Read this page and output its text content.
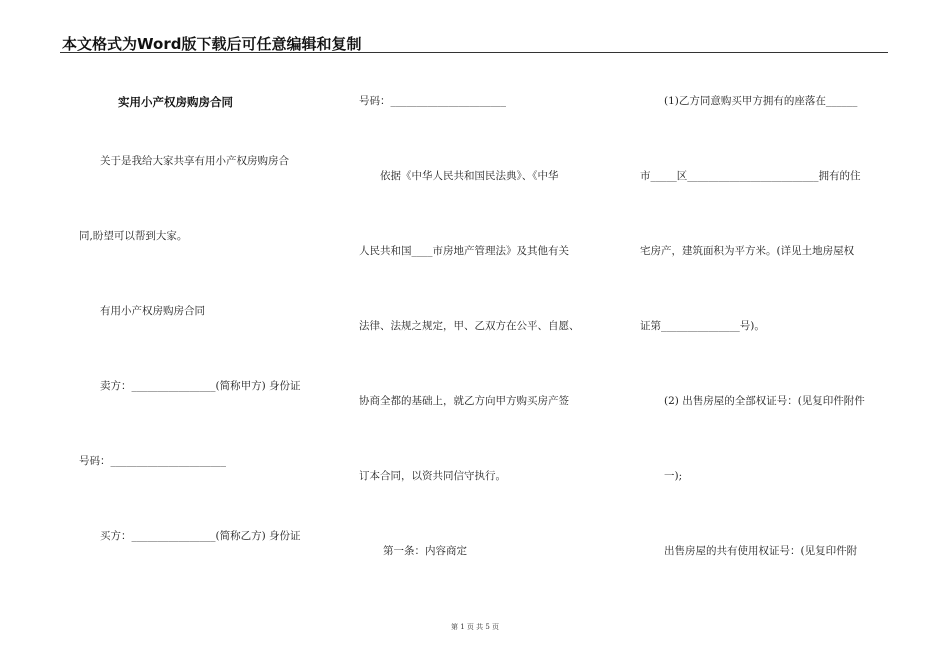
本文格式为Word版下载后可任意编辑和复制
实用小产权房购房合同
关于是我给大家共享有用小产权房购房合
同,盼望可以帮到大家。
有用小产权房购房合同
卖方：________________(简称甲方) 身份证
号码：______________________
买方：________________(简称乙方) 身份证
号码：______________________
依据《中华人民共和国民法典》、《中华
人民共和国____市房地产管理法》及其他有关
法律、法规之规定，甲、乙双方在公平、自愿、
协商全都的基础上，就乙方向甲方购买房产签
订本合同，以资共同信守执行。
第一条：内容商定
(1)乙方同意购买甲方拥有的座落在______
市_____区_________________________拥有的住
宅房产，建筑面积为平方米。(详见土地房屋权
证第_______________号)。
(2) 出售房屋的全部权证号：(见复印件附件
一);
出售房屋的共有使用权证号：(见复印件附
第 1 页 共 5 页
